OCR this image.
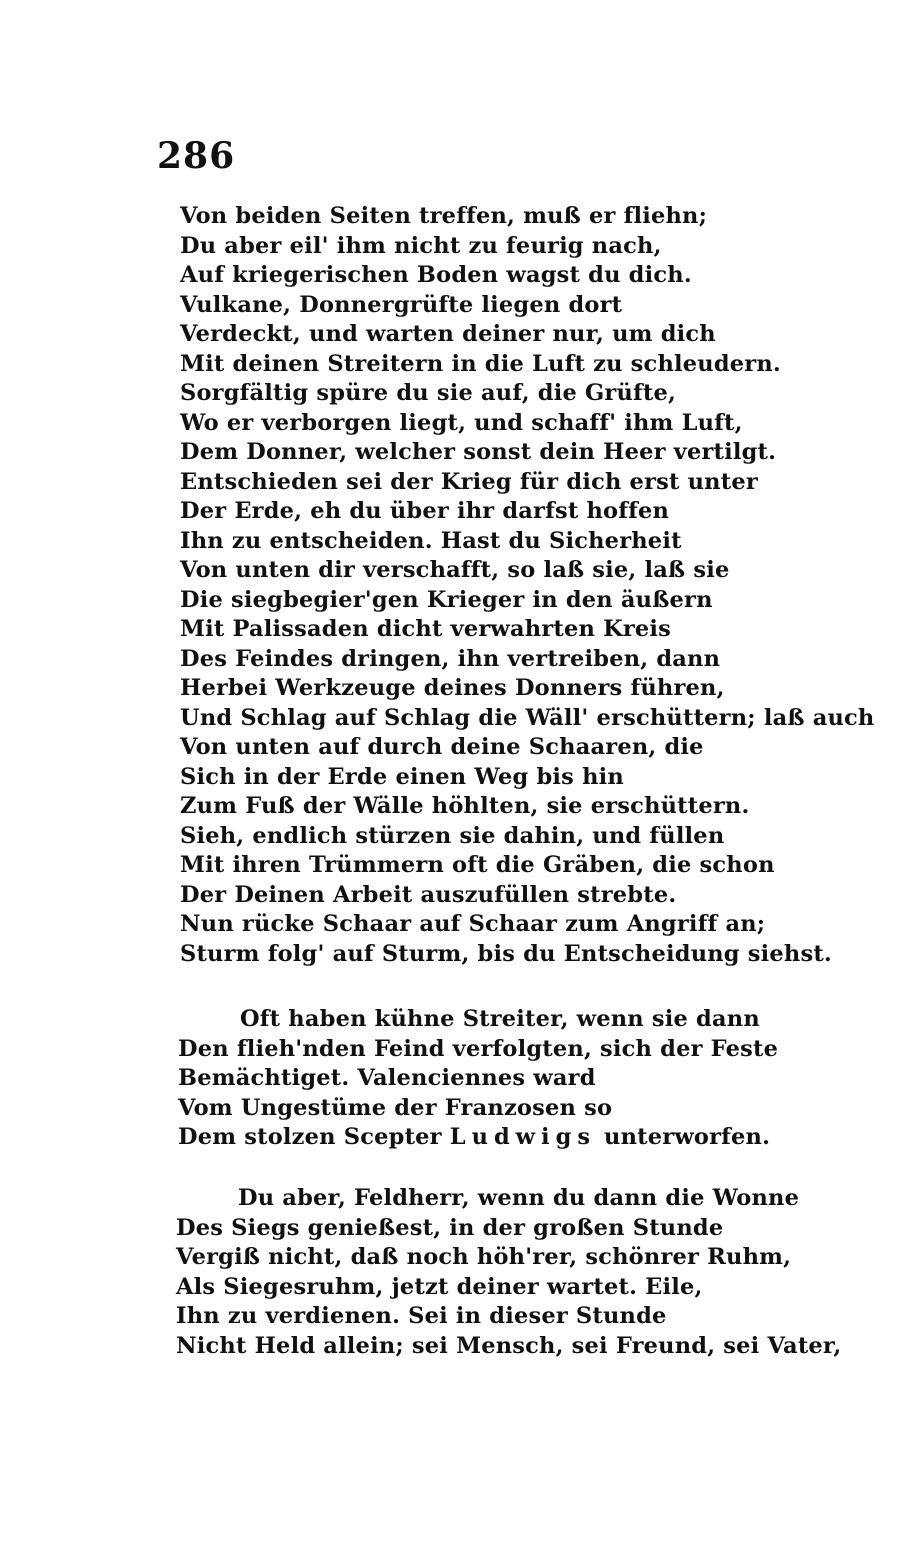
286
Von beiden Seiten treffen, muß er fliehn;
Du aber eil' ihm nicht zu feurig nach,
Auf kriegerischen Boden wagst du dich.
Vulkane, Donnergrüfte liegen dort
Verdeckt, und warten deiner nur, um dich
Mit deinen Streitern in die Luft zu schleudern.
Sorgfältig spüre du sie auf, die Grüfte,
Wo er verborgen liegt, und schaff' ihm Luft,
Dem Donner, welcher sonst dein Heer vertilgt.
Entschieden sei der Krieg für dich erst unter
Der Erde, eh du über ihr darfst hoffen
Ihn zu entscheiden. Hast du Sicherheit
Von unten dir verschafft, so laß sie, laß sie
Die siegbegier'gen Krieger in den äußern
Mit Palissaden dicht verwahrten Kreis
Des Feindes dringen, ihn vertreiben, dann
Herbei Werkzeuge deines Donners führen,
Und Schlag auf Schlag die Wäll' erschüttern; laß auch
Von unten auf durch deine Schaaren, die
Sich in der Erde einen Weg bis hin
Zum Fuß der Wälle höhlten, sie erschüttern.
Sieh, endlich stürzen sie dahin, und füllen
Mit ihren Trümmern oft die Gräben, die schon
Der Deinen Arbeit auszufüllen strebte.
Nun rücke Schaar auf Schaar zum Angriff an;
Sturm folg' auf Sturm, bis du Entscheidung siehst.
Oft haben kühne Streiter, wenn sie dann
Den flieh'nden Feind verfolgten, sich der Feste
Bemächtiget. Valenciennes ward
Vom Ungestüme der Franzosen so
Dem stolzen Scepter Ludwigs unterworfen.
Du aber, Feldherr, wenn du dann die Wonne
Des Siegs genießest, in der großen Stunde
Vergiß nicht, daß noch höh'rer, schönrer Ruhm,
Als Siegesruhm, jetzt deiner wartet. Eile,
Ihn zu verdienen. Sei in dieser Stunde
Nicht Held allein; sei Mensch, sei Freund, sei Vater,
